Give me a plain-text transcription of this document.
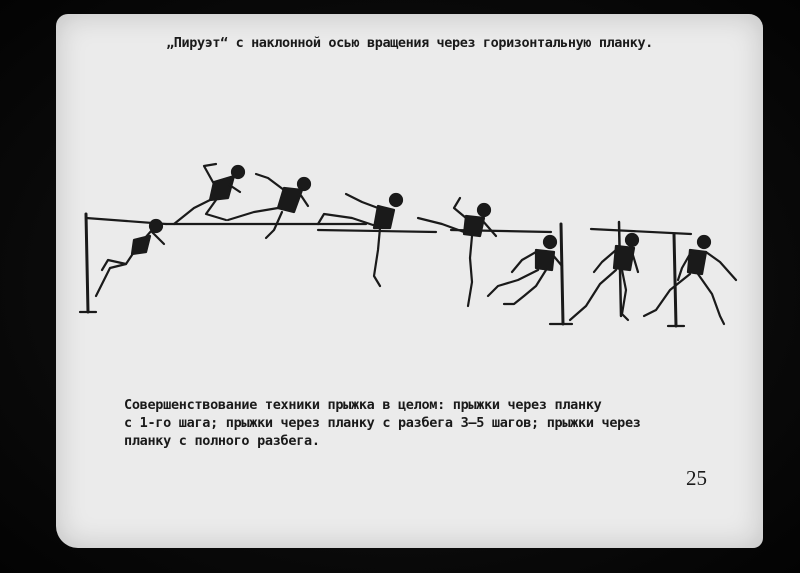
„Пируэт“ с наклонной осью вращения через горизонтальную планку.

Совершенствование техники прыжка в целом: прыжки через планку
с 1-го шага; прыжки через планку с разбега 3—5 шагов; прыжки через
планку с полного разбега.

25
